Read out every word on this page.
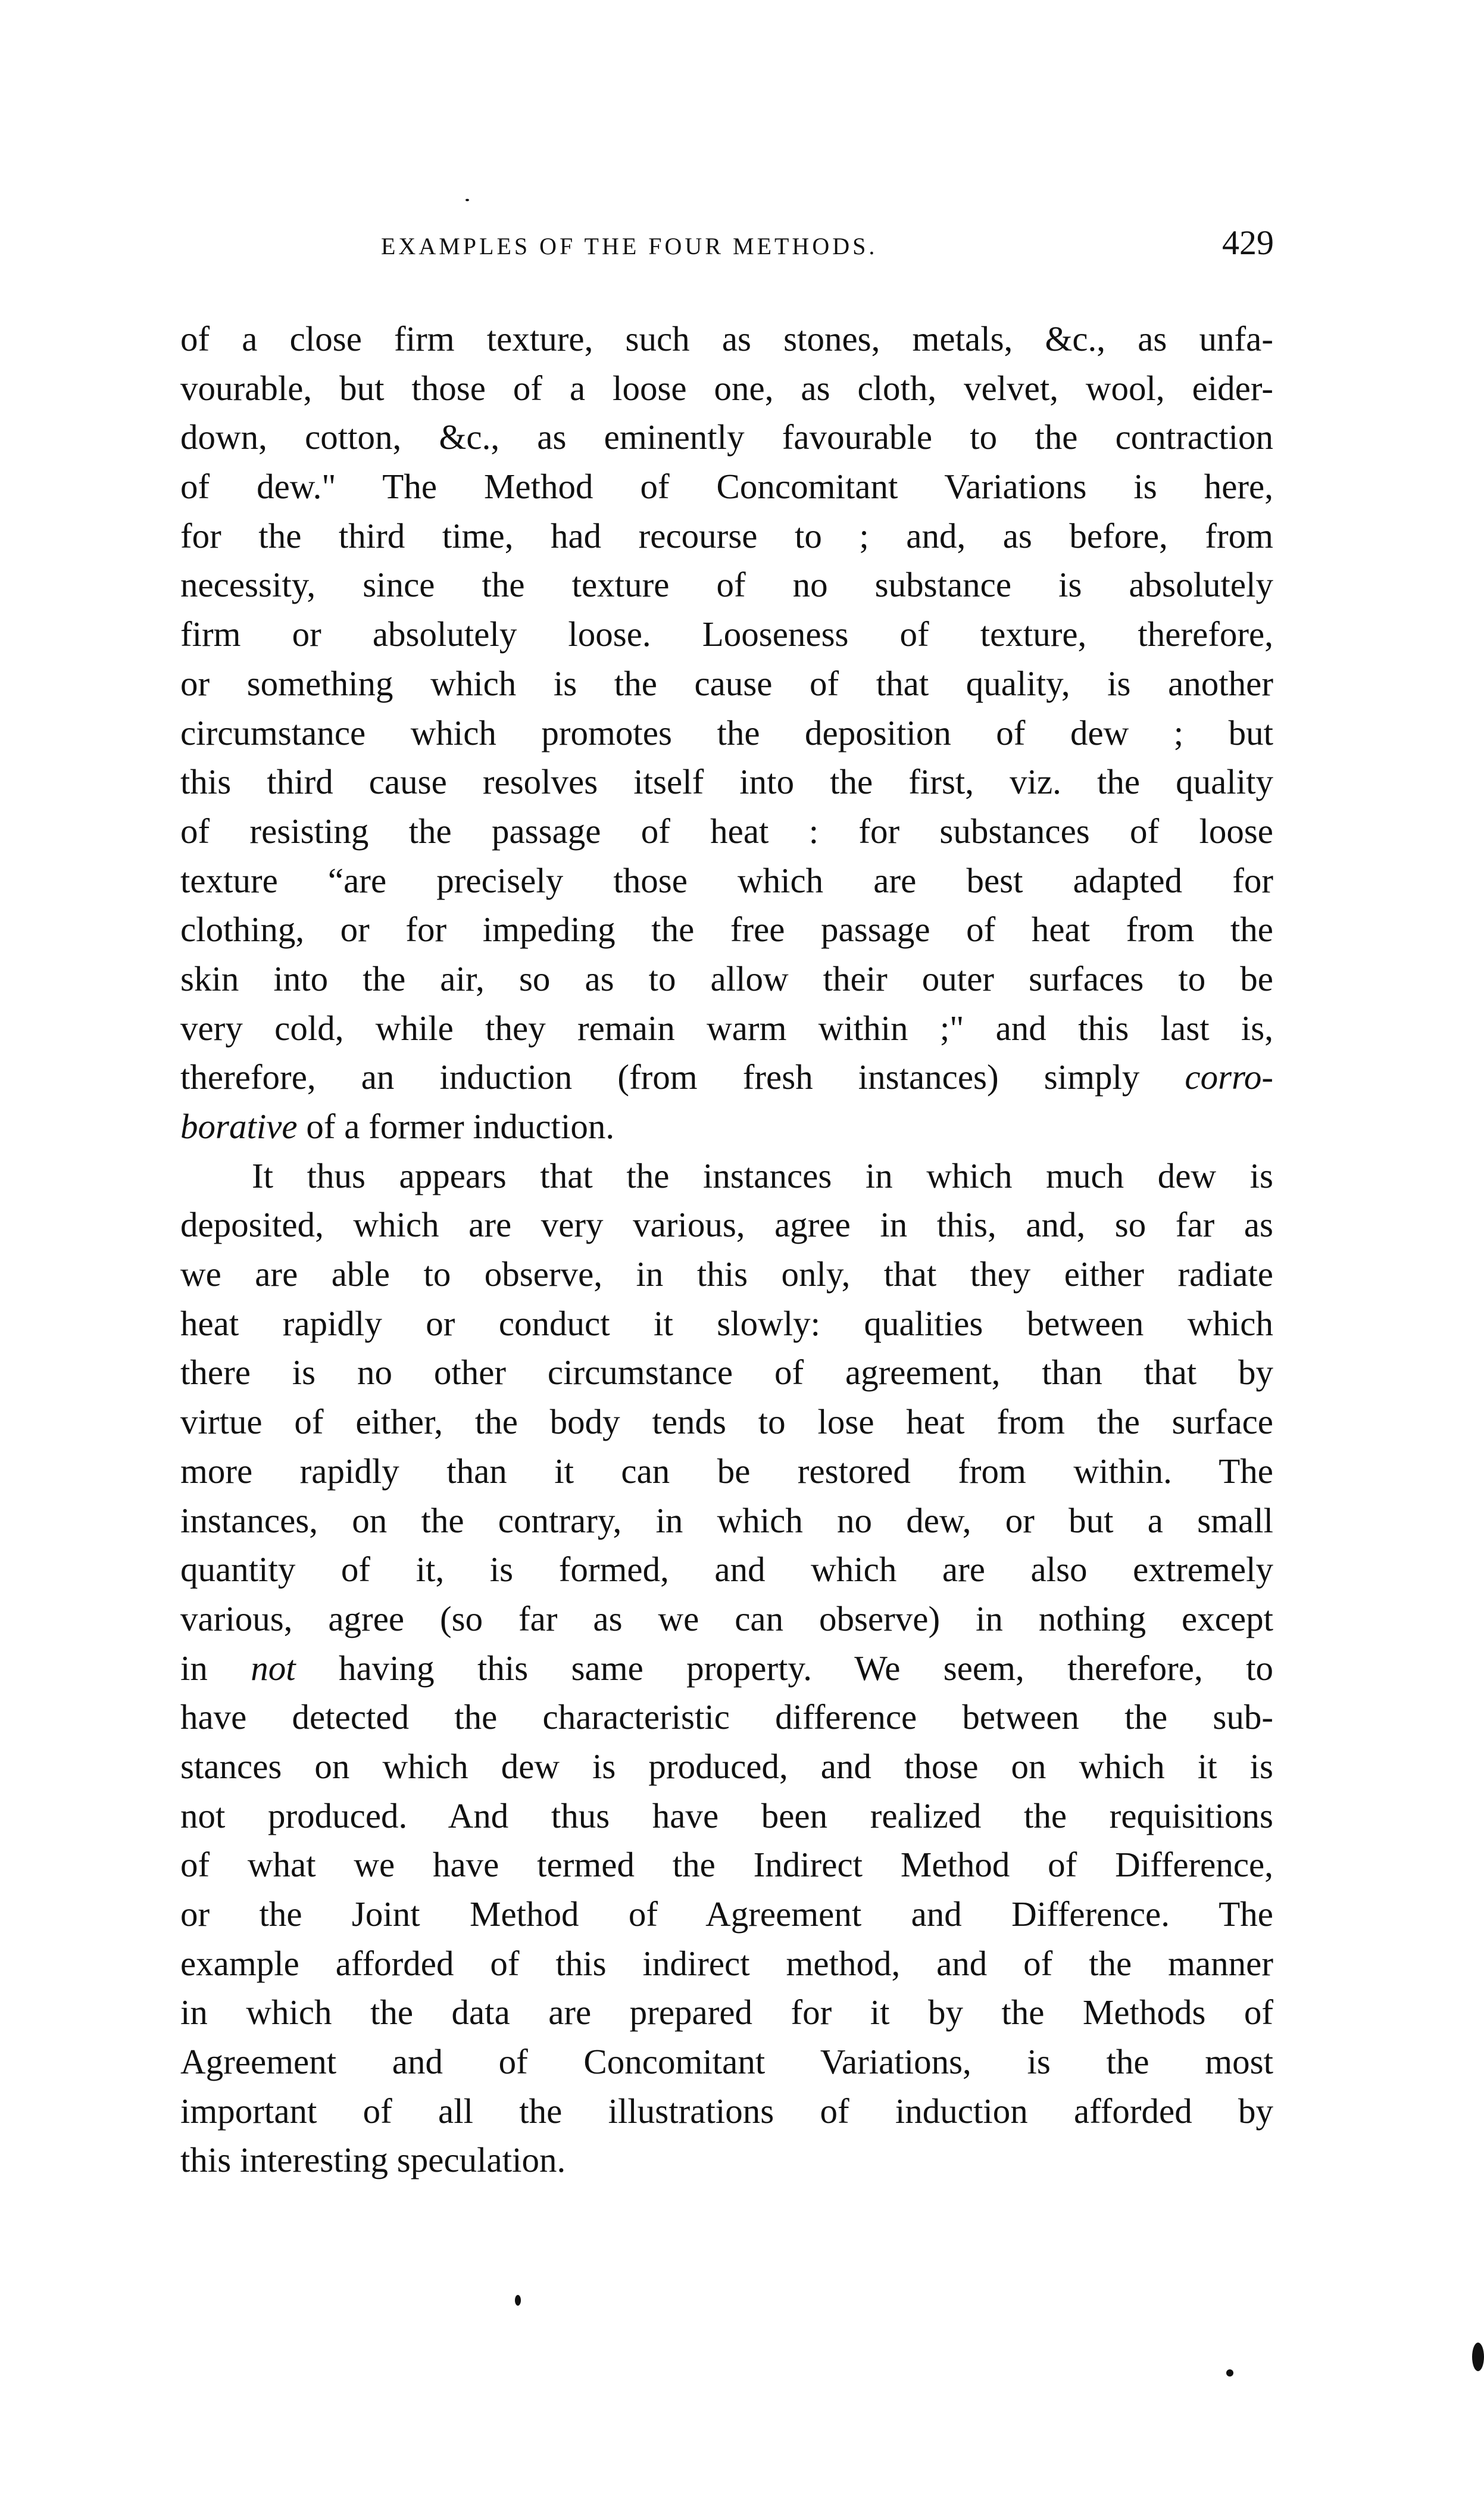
EXAMPLES OF THE FOUR METHODS.	429
of a close firm texture, such as stones, metals, &c., as unfa-
vourable, but those of a loose one, as cloth, velvet, wool, eider-
down, cotton, &c., as eminently favourable to the contraction
of dew." The Method of Concomitant Variations is here,
for the third time, had recourse to ; and, as before, from
necessity, since the texture of no substance is absolutely
firm or absolutely loose. Looseness of texture, therefore,
or something which is the cause of that quality, is another
circumstance which promotes the deposition of dew ; but
this third cause resolves itself into the first, viz. the quality
of resisting the passage of heat : for substances of loose
texture “are precisely those which are best adapted for
clothing, or for impeding the free passage of heat from the
skin into the air, so as to allow their outer surfaces to be
very cold, while they remain warm within ;" and this last is,
therefore, an induction (from fresh instances) simply corro-
borative of a former induction.
It thus appears that the instances in which much dew is
deposited, which are very various, agree in this, and, so far as
we are able to observe, in this only, that they either radiate
heat rapidly or conduct it slowly: qualities between which
there is no other circumstance of agreement, than that by
virtue of either, the body tends to lose heat from the surface
more rapidly than it can be restored from within. The
instances, on the contrary, in which no dew, or but a small
quantity of it, is formed, and which are also extremely
various, agree (so far as we can observe) in nothing except
in not having this same property. We seem, therefore, to
have detected the characteristic difference between the sub-
stances on which dew is produced, and those on which it is
not produced. And thus have been realized the requisitions
of what we have termed the Indirect Method of Difference,
or the Joint Method of Agreement and Difference. The
example afforded of this indirect method, and of the manner
in which the data are prepared for it by the Methods of
Agreement and of Concomitant Variations, is the most
important of all the illustrations of induction afforded by
this interesting speculation.
